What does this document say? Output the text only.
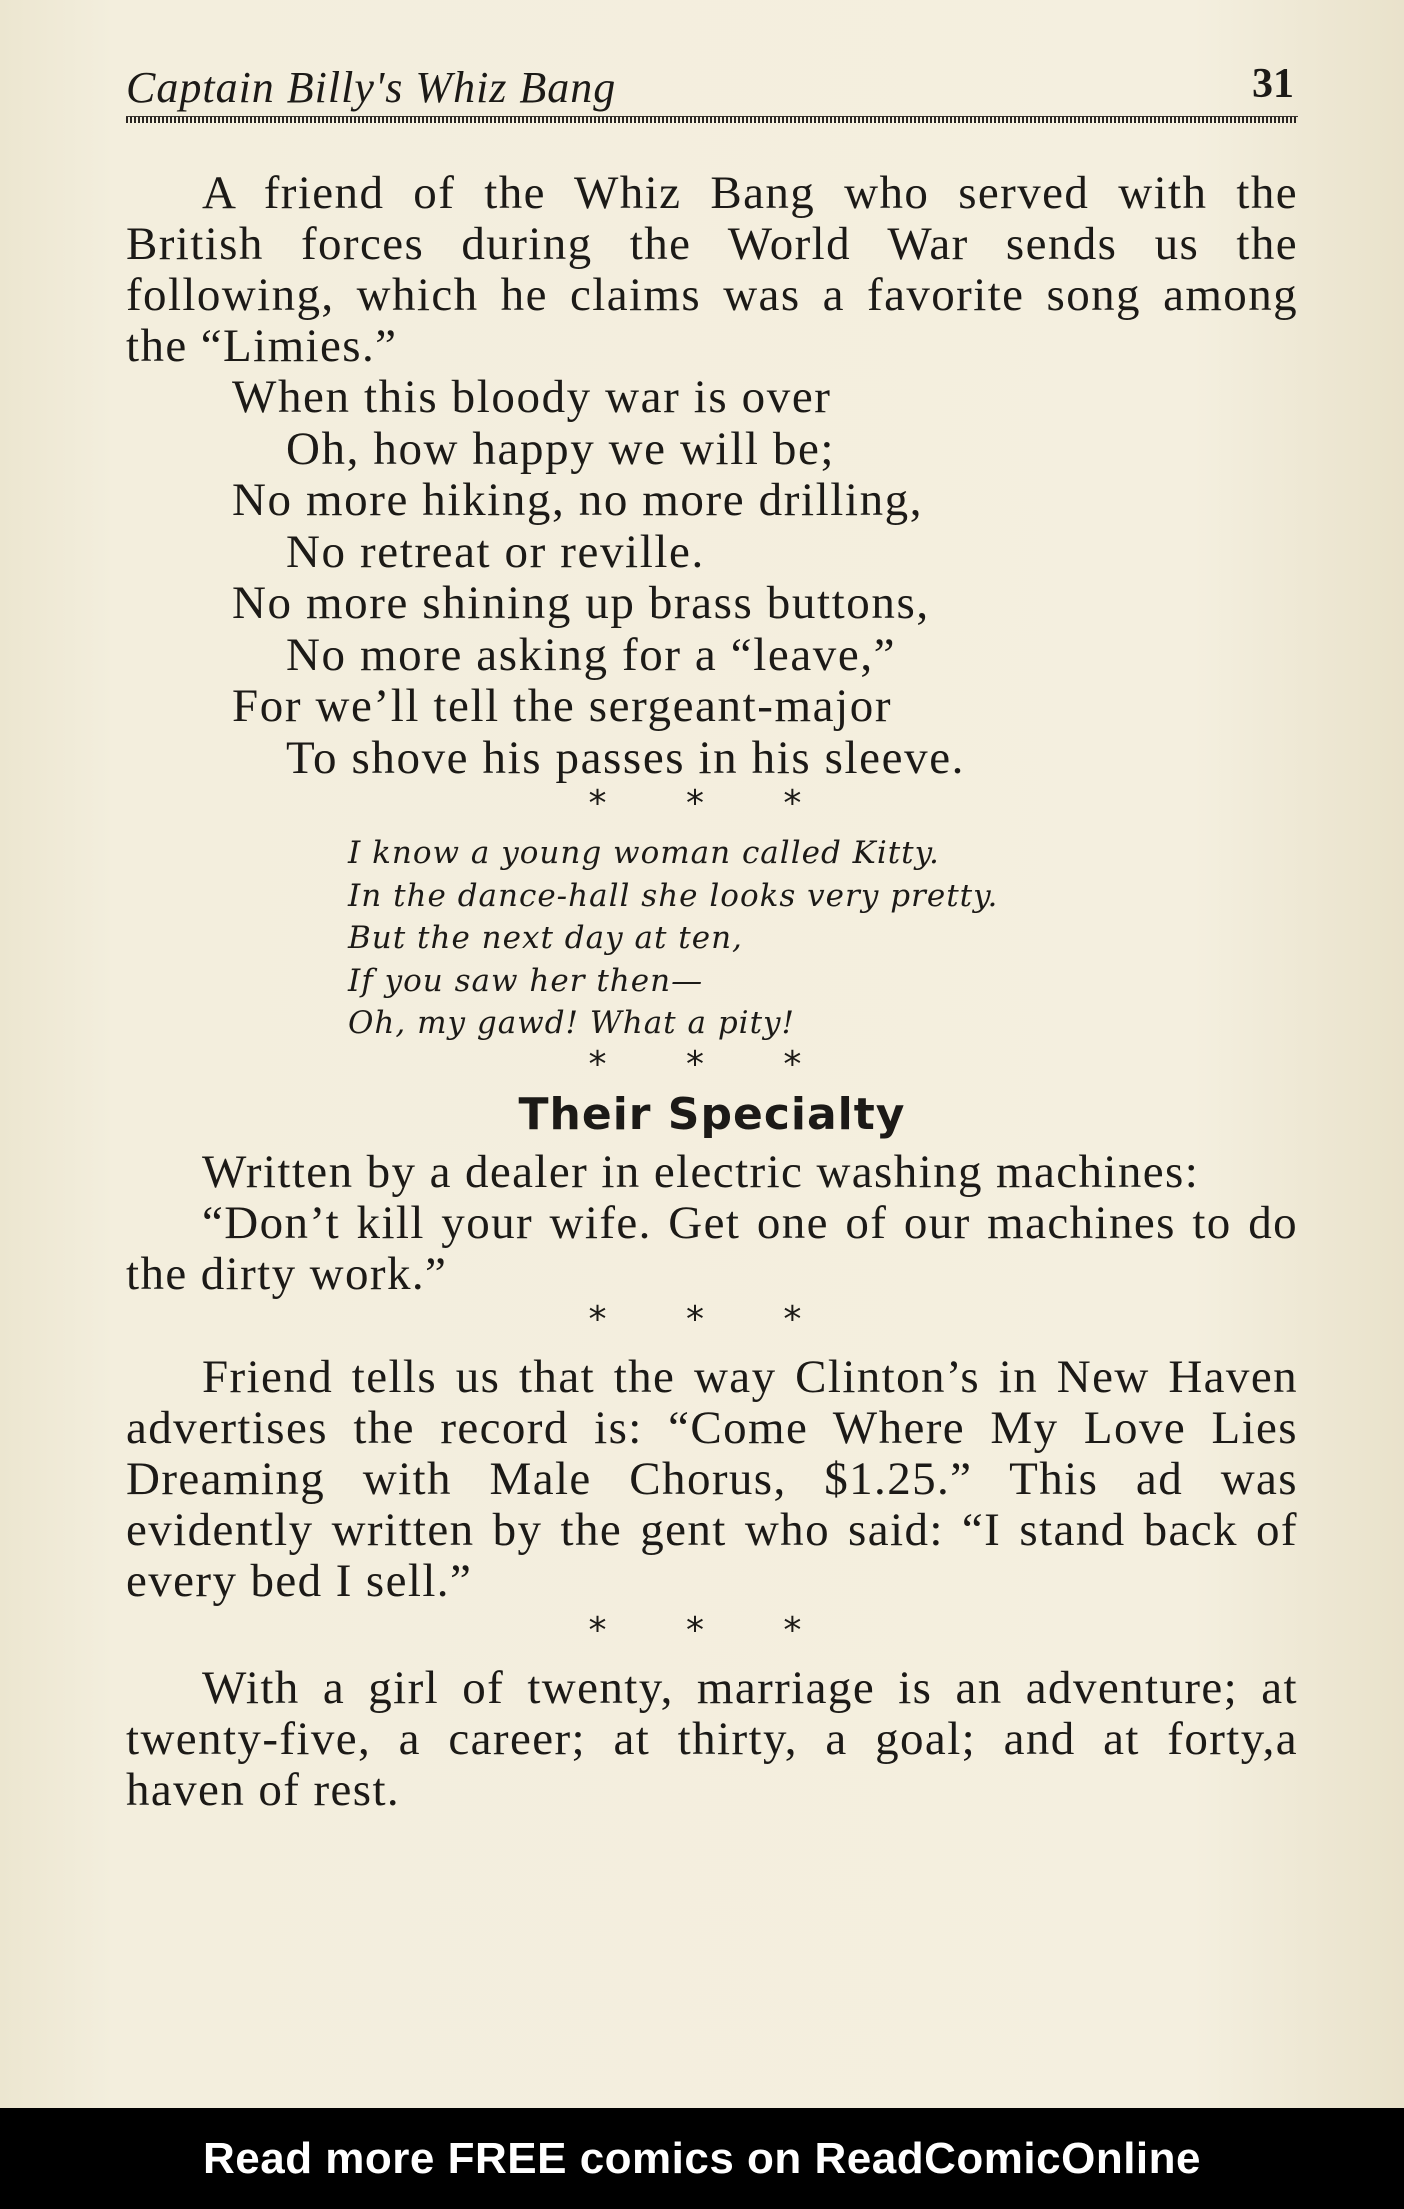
Captain Billy's Whiz Bang	31

A friend of the Whiz Bang who served with the British forces during the World War sends us the following, which he claims was a favorite song among the “Limies.”

When this bloody war is over
Oh, how happy we will be;
No more hiking, no more drilling,
No retreat or reville.
No more shining up brass buttons,
No more asking for a “leave,”
For we’ll tell the sergeant-major
To shove his passes in his sleeve.

* * *

I know a young woman called Kitty.
In the dance-hall she looks very pretty.
But the next day at ten,
If you saw her then—
Oh, my gawd! What a pity!

* * *

Their Specialty

Written by a dealer in electric washing machines:

“Don’t kill your wife. Get one of our machines to do the dirty work.”

* * *

Friend tells us that the way Clinton’s in New Haven advertises the record is: “Come Where My Love Lies Dreaming with Male Chorus, $1.25.” This ad was evidently written by the gent who said: “I stand back of every bed I sell.”

* * *

With a girl of twenty, marriage is an adventure; at twenty-five, a career; at thirty, a goal; and at forty,a haven of rest.

Read more FREE comics on ReadComicOnline
